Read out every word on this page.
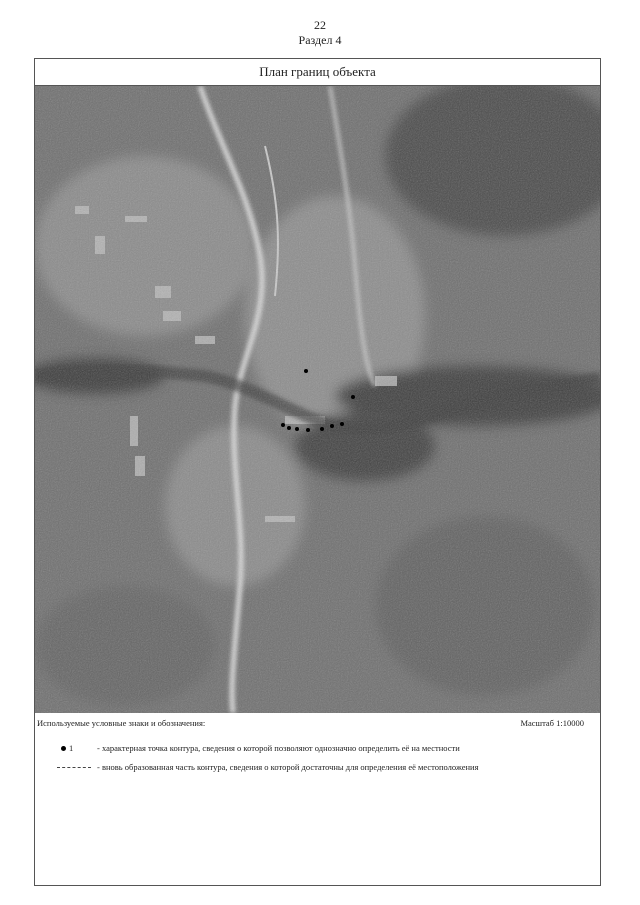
22
Раздел 4
План границ объекта
Используемые условные знаки и обозначения:	Масштаб 1:10000
1	- характерная точка контура, сведения о которой позволяют однозначно определить её на местности
- вновь образованная часть контура, сведения о которой достаточны для определения её местоположения
